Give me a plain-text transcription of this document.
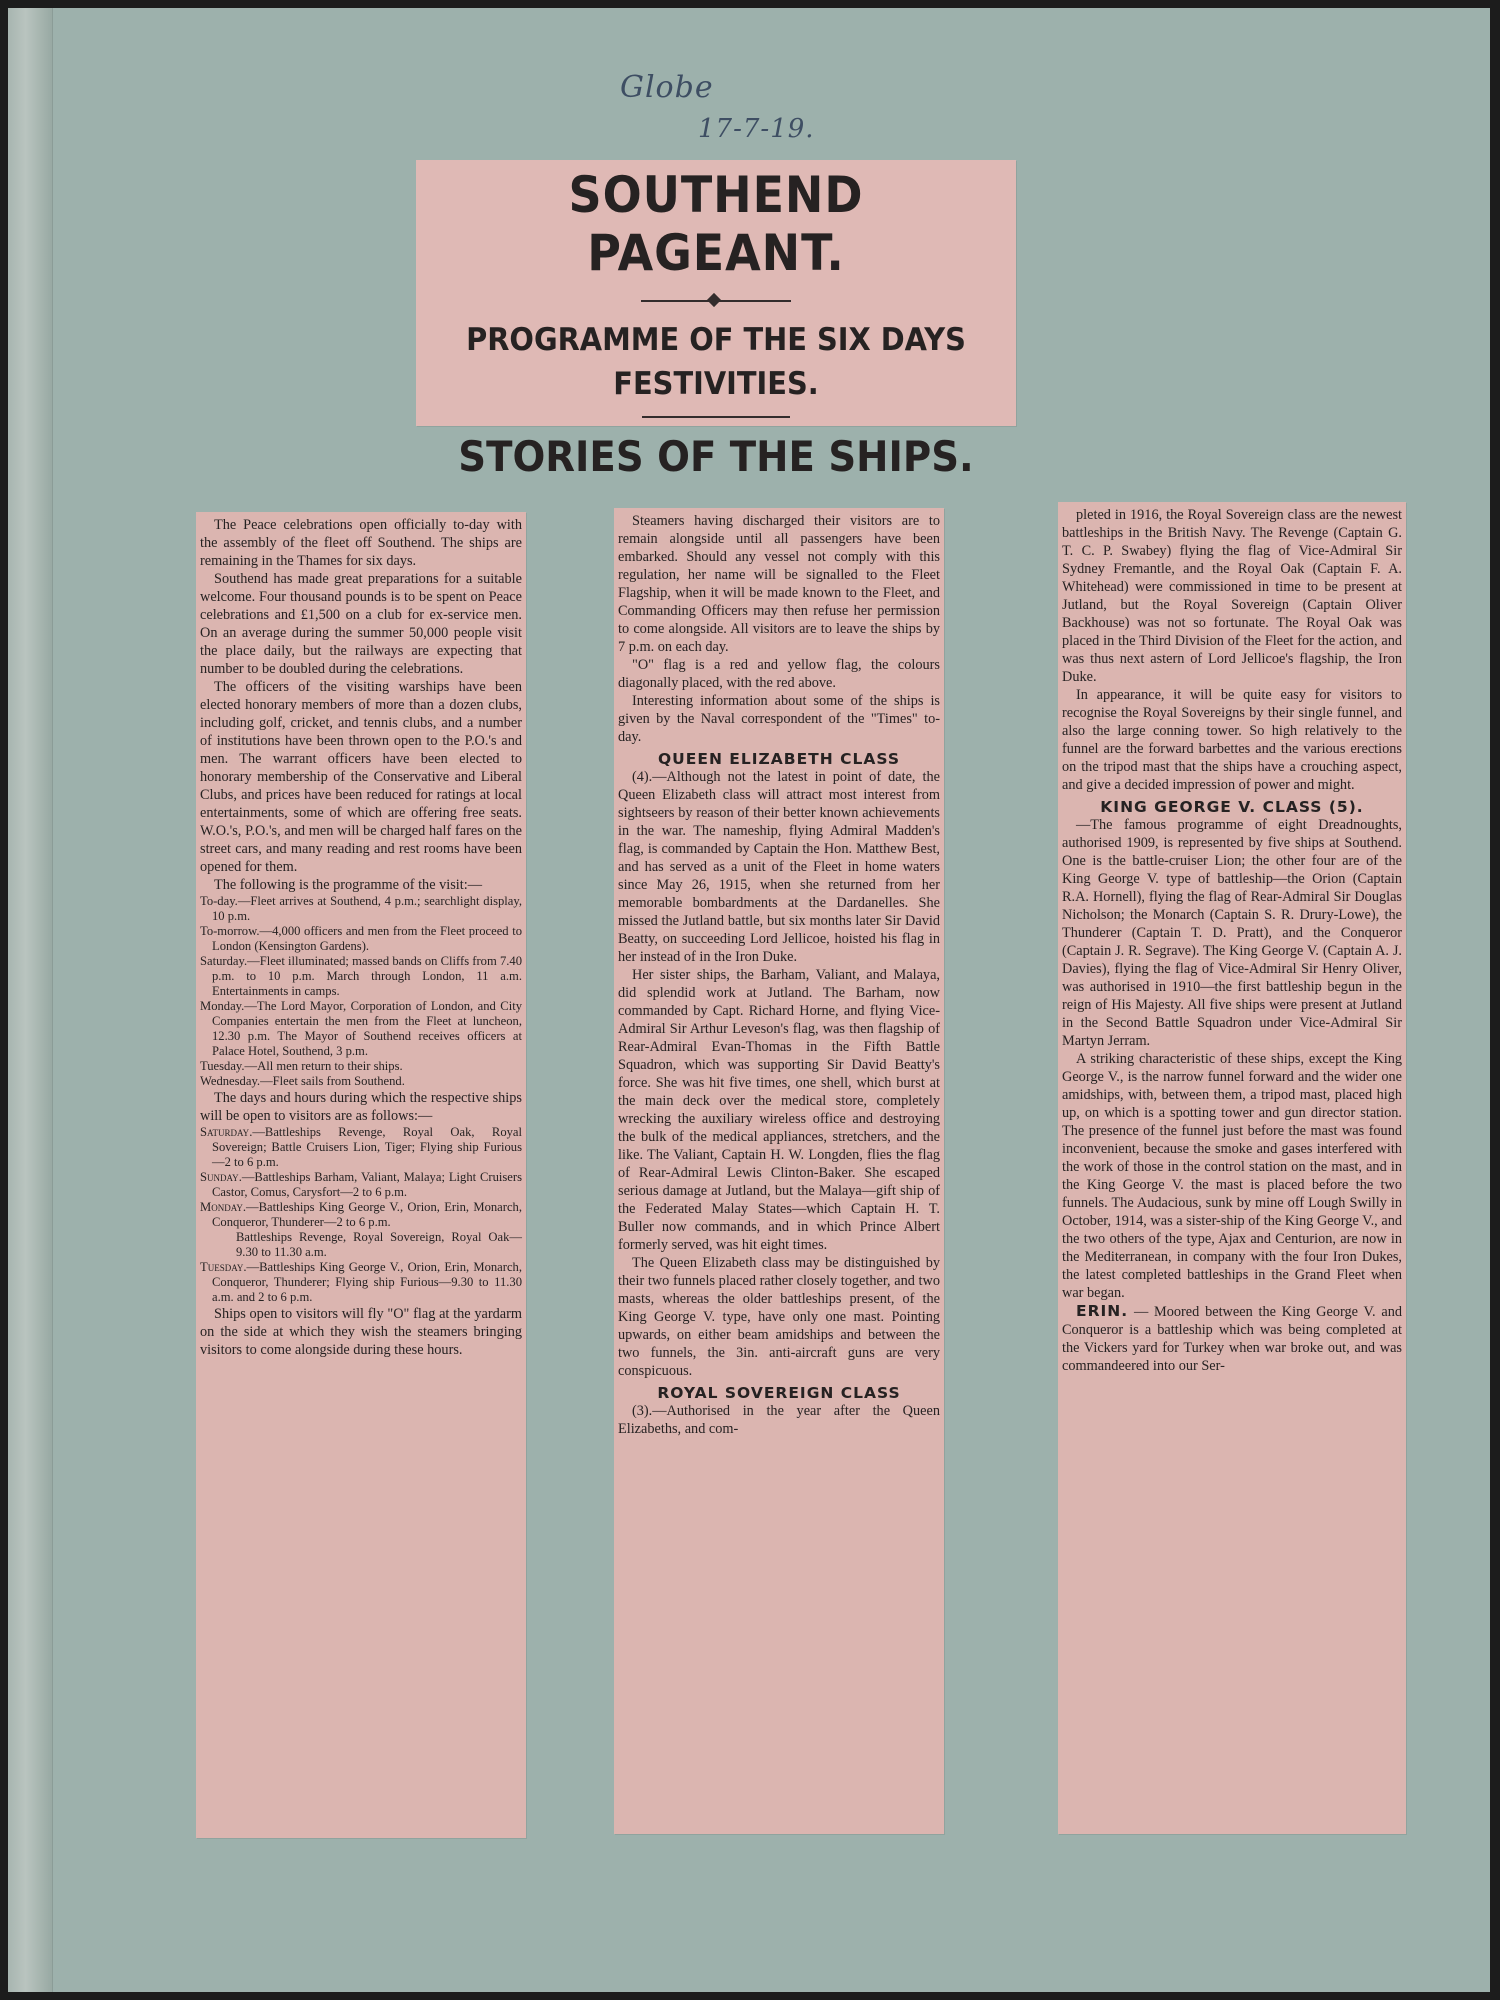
Globe
17-7-19.
SOUTHEND PAGEANT.
PROGRAMME OF THE SIX DAYS
FESTIVITIES.
STORIES OF THE SHIPS.

The Peace celebrations open officially to-day with the assembly of the fleet off Southend. The ships are remaining in the Thames for six days.

Southend has made great preparations for a suitable welcome. Four thousand pounds is to be spent on Peace celebrations and £1,500 on a club for ex-service men. On an average during the summer 50,000 people visit the place daily, but the railways are expecting that number to be doubled during the celebrations.

The officers of the visiting warships have been elected honorary members of more than a dozen clubs, including golf, cricket, and tennis clubs, and a number of institutions have been thrown open to the P.O.'s and men. The warrant officers have been elected to honorary membership of the Conservative and Liberal Clubs, and prices have been reduced for ratings at local entertainments, some of which are offering free seats. W.O.'s, P.O.'s, and men will be charged half fares on the street cars, and many reading and rest rooms have been opened for them.

The following is the programme of the visit:—

To-day.—Fleet arrives at Southend, 4 p.m.; searchlight display, 10 p.m.

To-morrow.—4,000 officers and men from the Fleet proceed to London (Kensington Gardens).

Saturday.—Fleet illuminated; massed bands on Cliffs from 7.40 p.m. to 10 p.m. March through London, 11 a.m. Entertainments in camps.

Monday.—The Lord Mayor, Corporation of London, and City Companies entertain the men from the Fleet at luncheon, 12.30 p.m. The Mayor of Southend receives officers at Palace Hotel, Southend, 3 p.m.

Tuesday.—All men return to their ships.

Wednesday.—Fleet sails from Southend.

The days and hours during which the respective ships will be open to visitors are as follows:—

Saturday.—Battleships Revenge, Royal Oak, Royal Sovereign; Battle Cruisers Lion, Tiger; Flying ship Furious—2 to 6 p.m.

Sunday.—Battleships Barham, Valiant, Malaya; Light Cruisers Castor, Comus, Carysfort—2 to 6 p.m.

Monday.—Battleships King George V., Orion, Erin, Monarch, Conqueror, Thunderer—2 to 6 p.m.

Battleships Revenge, Royal Sovereign, Royal Oak—9.30 to 11.30 a.m.

Tuesday.—Battleships King George V., Orion, Erin, Monarch, Conqueror, Thunderer; Flying ship Furious—9.30 to 11.30 a.m. and 2 to 6 p.m.

Ships open to visitors will fly "O" flag at the yardarm on the side at which they wish the steamers bringing visitors to come alongside during these hours.

Steamers having discharged their visitors are to remain alongside until all passengers have been embarked. Should any vessel not comply with this regulation, her name will be signalled to the Fleet Flagship, when it will be made known to the Fleet, and Commanding Officers may then refuse her permission to come alongside. All visitors are to leave the ships by 7 p.m. on each day.

"O" flag is a red and yellow flag, the colours diagonally placed, with the red above.

Interesting information about some of the ships is given by the Naval correspondent of the "Times" to-day.

QUEEN ELIZABETH CLASS

(4).—Although not the latest in point of date, the Queen Elizabeth class will attract most interest from sightseers by reason of their better known achievements in the war. The nameship, flying Admiral Madden's flag, is commanded by Captain the Hon. Matthew Best, and has served as a unit of the Fleet in home waters since May 26, 1915, when she returned from her memorable bombardments at the Dardanelles. She missed the Jutland battle, but six months later Sir David Beatty, on succeeding Lord Jellicoe, hoisted his flag in her instead of in the Iron Duke.

Her sister ships, the Barham, Valiant, and Malaya, did splendid work at Jutland. The Barham, now commanded by Capt. Richard Horne, and flying Vice-Admiral Sir Arthur Leveson's flag, was then flagship of Rear-Admiral Evan-Thomas in the Fifth Battle Squadron, which was supporting Sir David Beatty's force. She was hit five times, one shell, which burst at the main deck over the medical store, completely wrecking the auxiliary wireless office and destroying the bulk of the medical appliances, stretchers, and the like. The Valiant, Captain H. W. Longden, flies the flag of Rear-Admiral Lewis Clinton-Baker. She escaped serious damage at Jutland, but the Malaya—gift ship of the Federated Malay States—which Captain H. T. Buller now commands, and in which Prince Albert formerly served, was hit eight times.

The Queen Elizabeth class may be distinguished by their two funnels placed rather closely together, and two masts, whereas the older battleships present, of the King George V. type, have only one mast. Pointing upwards, on either beam amidships and between the two funnels, the 3in. anti-aircraft guns are very conspicuous.

ROYAL SOVEREIGN CLASS

(3).—Authorised in the year after the Queen Elizabeths, and com-

pleted in 1916, the Royal Sovereign class are the newest battleships in the British Navy. The Revenge (Captain G. T. C. P. Swabey) flying the flag of Vice-Admiral Sir Sydney Fremantle, and the Royal Oak (Captain F. A. Whitehead) were commissioned in time to be present at Jutland, but the Royal Sovereign (Captain Oliver Backhouse) was not so fortunate. The Royal Oak was placed in the Third Division of the Fleet for the action, and was thus next astern of Lord Jellicoe's flagship, the Iron Duke.

In appearance, it will be quite easy for visitors to recognise the Royal Sovereigns by their single funnel, and also the large conning tower. So high relatively to the funnel are the forward barbettes and the various erections on the tripod mast that the ships have a crouching aspect, and give a decided impression of power and might.

KING GEORGE V. CLASS (5).

—The famous programme of eight Dreadnoughts, authorised 1909, is represented by five ships at Southend. One is the battle-cruiser Lion; the other four are of the King George V. type of battleship—the Orion (Captain R.A. Hornell), flying the flag of Rear-Admiral Sir Douglas Nicholson; the Monarch (Captain S. R. Drury-Lowe), the Thunderer (Captain T. D. Pratt), and the Conqueror (Captain J. R. Segrave). The King George V. (Captain A. J. Davies), flying the flag of Vice-Admiral Sir Henry Oliver, was authorised in 1910—the first battleship begun in the reign of His Majesty. All five ships were present at Jutland in the Second Battle Squadron under Vice-Admiral Sir Martyn Jerram.

A striking characteristic of these ships, except the King George V., is the narrow funnel forward and the wider one amidships, with, between them, a tripod mast, placed high up, on which is a spotting tower and gun director station. The presence of the funnel just before the mast was found inconvenient, because the smoke and gases interfered with the work of those in the control station on the mast, and in the King George V. the mast is placed before the two funnels. The Audacious, sunk by mine off Lough Swilly in October, 1914, was a sister-ship of the King George V., and the two others of the type, Ajax and Centurion, are now in the Mediterranean, in company with the four Iron Dukes, the latest completed battleships in the Grand Fleet when war began.

ERIN. — Moored between the King George V. and Conqueror is a battleship which was being completed at the Vickers yard for Turkey when war broke out, and was commandeered into our Ser-
